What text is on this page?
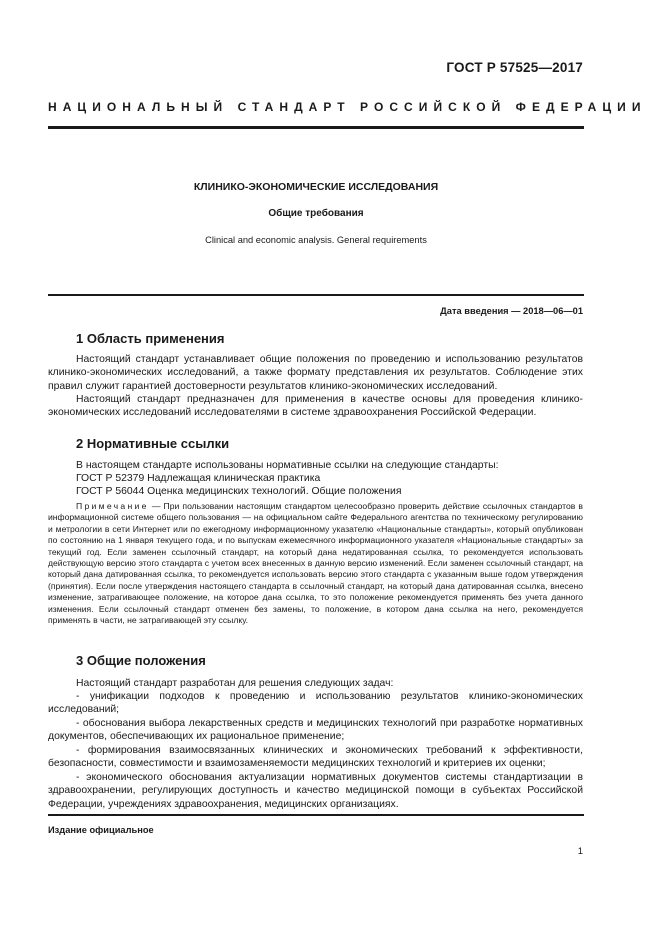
ГОСТ Р 57525—2017
НАЦИОНАЛЬНЫЙ СТАНДАРТ РОССИЙСКОЙ ФЕДЕРАЦИИ
КЛИНИКО-ЭКОНОМИЧЕСКИЕ ИССЛЕДОВАНИЯ
Общие требования
Clinical and economic analysis. General requirements
Дата введения — 2018—06—01
1 Область применения
Настоящий стандарт устанавливает общие положения по проведению и использованию результатов клинико-экономических исследований, а также формату представления их результатов. Соблюдение этих правил служит гарантией достоверности результатов клинико-экономических исследований.
Настоящий стандарт предназначен для применения в качестве основы для проведения клинико-экономических исследований исследователями в системе здравоохранения Российской Федерации.
2 Нормативные ссылки
В настоящем стандарте использованы нормативные ссылки на следующие стандарты:
ГОСТ Р 52379 Надлежащая клиническая практика
ГОСТ Р 56044 Оценка медицинских технологий. Общие положения
Примечание — При пользовании настоящим стандартом целесообразно проверить действие ссылочных стандартов в информационной системе общего пользования — на официальном сайте Федерального агентства по техническому регулированию и метрологии в сети Интернет или по ежегодному информационному указателю «Национальные стандарты», который опубликован по состоянию на 1 января текущего года, и по выпускам ежемесячного информационного указателя «Национальные стандарты» за текущий год. Если заменен ссылочный стандарт, на который дана недатированная ссылка, то рекомендуется использовать действующую версию этого стандарта с учетом всех внесенных в данную версию изменений. Если заменен ссылочный стандарт, на который дана датированная ссылка, то рекомендуется использовать версию этого стандарта с указанным выше годом утверждения (принятия). Если после утверждения настоящего стандарта в ссылочный стандарт, на который дана датированная ссылка, внесено изменение, затрагивающее положение, на которое дана ссылка, то это положение рекомендуется применять без учета данного изменения. Если ссылочный стандарт отменен без замены, то положение, в котором дана ссылка на него, рекомендуется применять в части, не затрагивающей эту ссылку.
3 Общие положения
Настоящий стандарт разработан для решения следующих задач:
- унификации подходов к проведению и использованию результатов клинико-экономических исследований;
- обоснования выбора лекарственных средств и медицинских технологий при разработке нормативных документов, обеспечивающих их рациональное применение;
- формирования взаимосвязанных клинических и экономических требований к эффективности, безопасности, совместимости и взаимозаменяемости медицинских технологий и критериев их оценки;
- экономического обоснования актуализации нормативных документов системы стандартизации в здравоохранении, регулирующих доступность и качество медицинской помощи в субъектах Российской Федерации, учреждениях здравоохранения, медицинских организациях.
Издание официальное
1
